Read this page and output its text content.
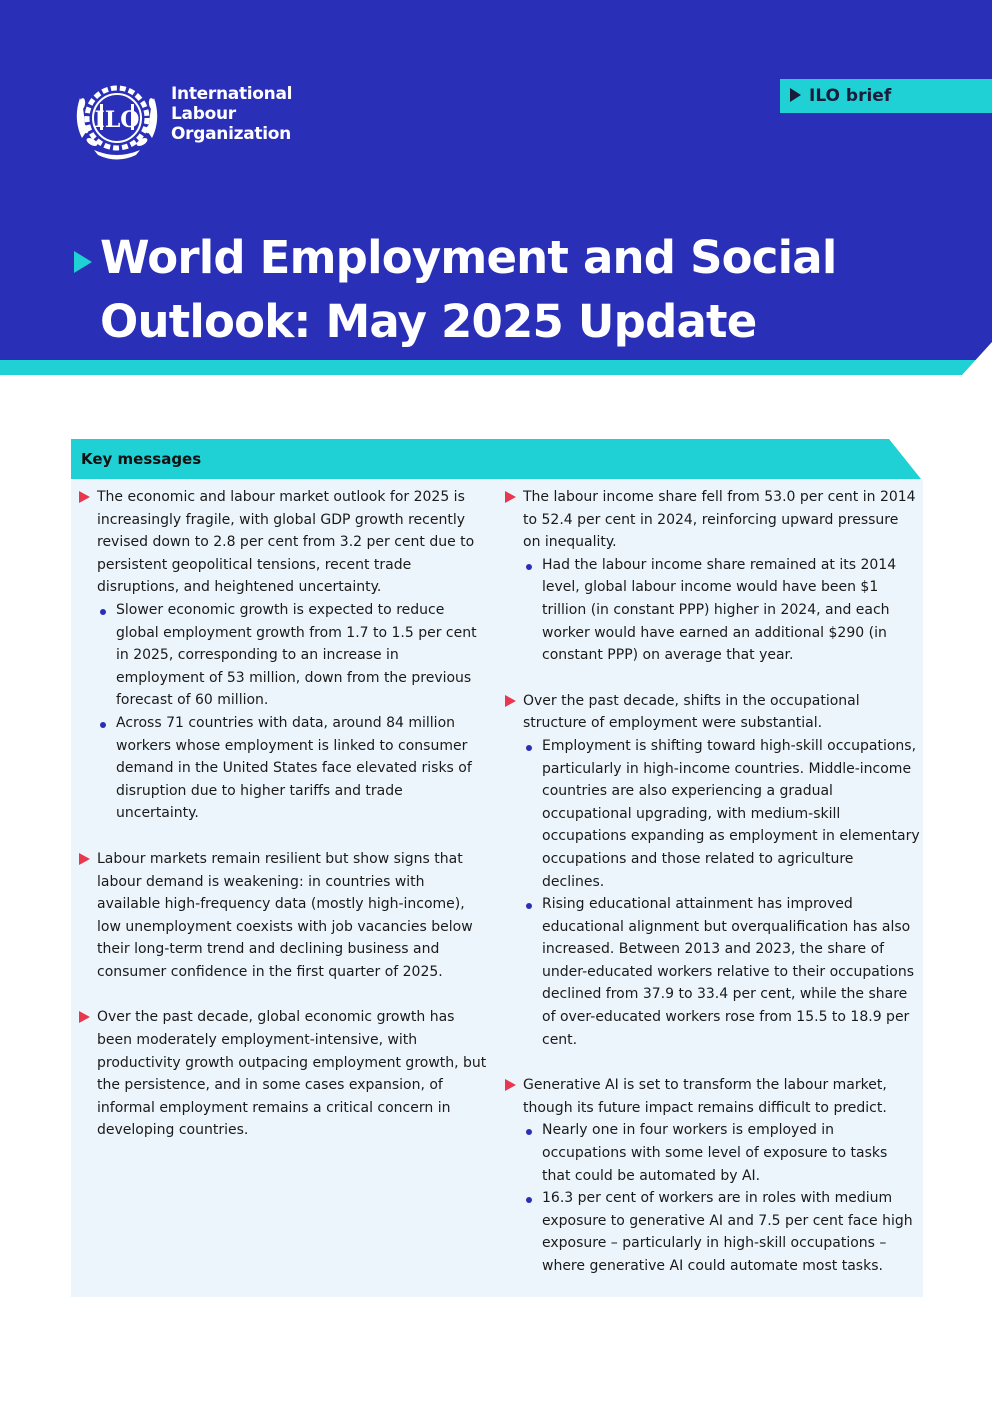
ILO
International
Labour
Organization
ILO brief
World Employment and Social
Outlook: May 2025 Update
Key messages

The economic and labour market outlook for 2025 is increasingly fragile, with global GDP growth recently revised down to 2.8 per cent from 3.2 per cent due to persistent geopolitical tensions, recent trade disruptions, and heightened uncertainty.

Slower economic growth is expected to reduce global employment growth from 1.7 to 1.5 per cent in 2025, corresponding to an increase in employment of 53 million, down from the previous forecast of 60 million.
Across 71 countries with data, around 84 million workers whose employment is linked to consumer demand in the United States face elevated risks of disruption due to higher tariffs and trade uncertainty.

Labour markets remain resilient but show signs that labour demand is weakening: in countries with available high-frequency data (mostly high-income), low unemployment coexists with job vacancies below their long-term trend and declining business and consumer confidence in the first quarter of 2025.

Over the past decade, global economic growth has been moderately employment-intensive, with productivity growth outpacing employment growth, but the persistence, and in some cases expansion, of informal employment remains a critical concern in developing countries.

The labour income share fell from 53.0 per cent in 2014 to 52.4 per cent in 2024, reinforcing upward pressure on inequality.

Had the labour income share remained at its 2014 level, global labour income would have been $1 trillion (in constant PPP) higher in 2024, and each worker would have earned an additional $290 (in constant PPP) on average that year.

Over the past decade, shifts in the occupational structure of employment were substantial.

Employment is shifting toward high-skill occupations, particularly in high-income countries. Middle-income countries are also experiencing a gradual occupational upgrading, with medium-skill occupations expanding as employment in elementary occupations and those related to agriculture declines.
Rising educational attainment has improved educational alignment but overqualification has also increased. Between 2013 and 2023, the share of under-educated workers relative to their occupations declined from 37.9 to 33.4 per cent, while the share of over-educated workers rose from 15.5 to 18.9 per cent.

Generative AI is set to transform the labour market, though its future impact remains difficult to predict.

Nearly one in four workers is employed in occupations with some level of exposure to tasks that could be automated by AI.
16.3 per cent of workers are in roles with medium exposure to generative AI and 7.5 per cent face high exposure – particularly in high-skill occupations – where generative AI could automate most tasks.
